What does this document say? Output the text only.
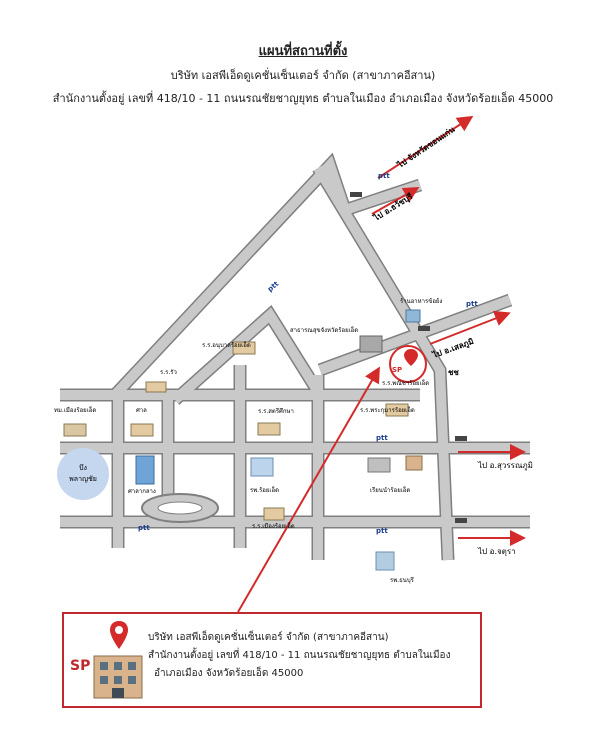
แผนที่สถานที่ตั้ง
บริษัท เอสพีเอ็ดดูเคชั่นเซ็นเตอร์ จำกัด (สาขาภาคอีสาน)
สำนักงานตั้งอยู่ เลขที่ 418/10 - 11 ถนนรณชัยชาญยุทธ ตำบลในเมือง อำเภอเมือง จังหวัดร้อยเอ็ด 45000
บึง
พลาญชัย
ไป จังหวัดขอนแก่น
ไป อ.ธวัชบุรี
ไป อ.เสลภูมิ
ไป อ.สุวรรณภูมิ
ไป อ.จตุรา
ptt
ptt
ptt
ptt
ptt	ptt
SP	ชช
ทม.เมืองร้อยเอ็ด	ศาล
ศาลากลาง
ร.ร.รัว
ร.ร.อนุบาลร้อยเอ็ด
ร.ร.สตรีศึกษา
รพ.ร้อยเอ็ด
ร.ร.เมืองร้อยเอ็ด
ร.ร.พระกุมารร้อยเอ็ด
ร.ร.พณิชฯร้อยเอ็ด
สาธารณสุขจังหวัดร้อยเอ็ด
ร้านอาหารข้อย้ง
เรียนนำร้อยเอ็ด
รพ.ธนบุรี
SP
บริษัท เอสพีเอ็ดดูเคชั่นเซ็นเตอร์ จำกัด (สาขาภาคอีสาน)
สำนักงานตั้งอยู่ เลขที่ 418/10 - 11 ถนนรณชัยชาญยุทธ ตำบลในเมือง
อำเภอเมือง จังหวัดร้อยเอ็ด 45000
